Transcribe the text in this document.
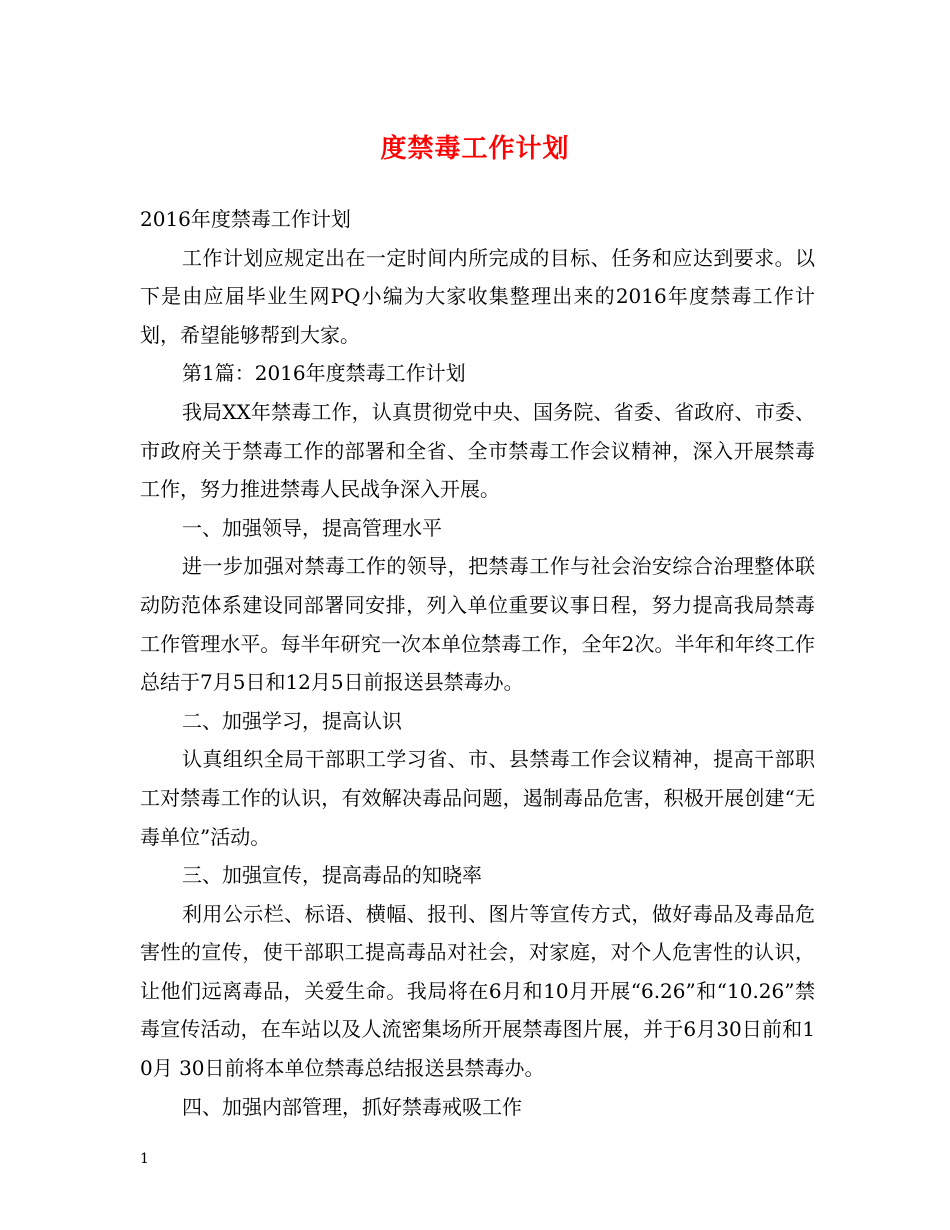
度禁毒工作计划

2016年度禁毒工作计划

工作计划应规定出在一定时间内所完成的目标、任务和应达到要求。以下是由应届毕业生网PQ小编为大家收集整理出来的2016年度禁毒工作计划，希望能够帮到大家。

第1篇：2016年度禁毒工作计划

我局XX年禁毒工作，认真贯彻党中央、国务院、省委、省政府、市委、市政府关于禁毒工作的部署和全省、全市禁毒工作会议精神，深入开展禁毒工作，努力推进禁毒人民战争深入开展。

一、加强领导，提高管理水平

进一步加强对禁毒工作的领导，把禁毒工作与社会治安综合治理整体联动防范体系建设同部署同安排，列入单位重要议事日程，努力提高我局禁毒工作管理水平。每半年研究一次本单位禁毒工作，全年2次。半年和年终工作总结于7月5日和12月5日前报送县禁毒办。

二、加强学习，提高认识

认真组织全局干部职工学习省、市、县禁毒工作会议精神，提高干部职工对禁毒工作的认识，有效解决毒品问题，遏制毒品危害，积极开展创建“无毒单位”活动。

三、加强宣传，提高毒品的知晓率

利用公示栏、标语、横幅、报刊、图片等宣传方式，做好毒品及毒品危害性的宣传，使干部职工提高毒品对社会，对家庭，对个人危害性的认识，让他们远离毒品，关爱生命。我局将在6月和10月开展“6.26”和“10.26”禁毒宣传活动，在车站以及人流密集场所开展禁毒图片展，并于6月30日前和10月 30日前将本单位禁毒总结报送县禁毒办。

四、加强内部管理，抓好禁毒戒吸工作

1
